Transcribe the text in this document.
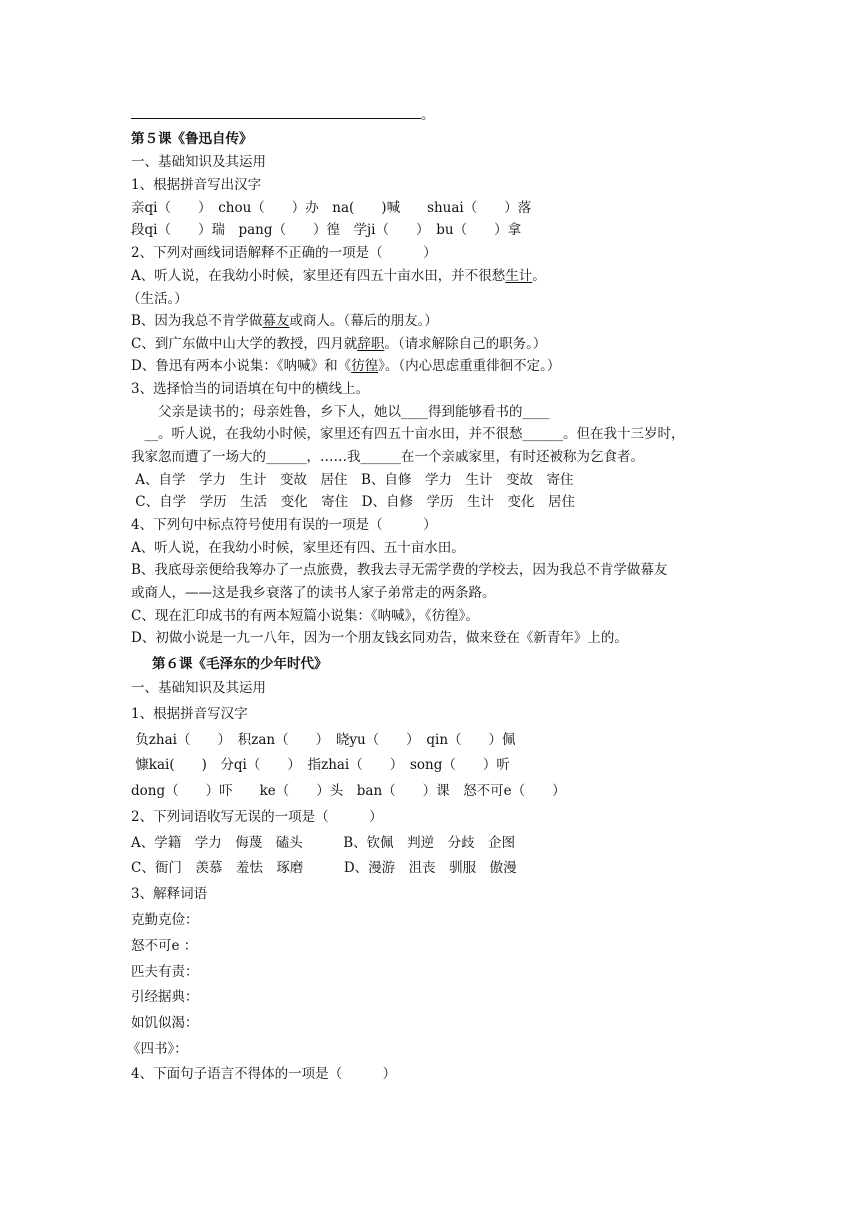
。
第５课《鲁迅自传》
一、基础知识及其运用
1、根据拼音写出汉字
亲qi（　　）　chou（　　）办　na(　　)喊　　shuai（　　）落
段qi（　　）瑞　pang（　　）徨　学ji（　　）　bu（　　）拿
2、下列对画线词语解释不正确的一项是（　　　）
A、听人说，在我幼小时候，家里还有四五十亩水田，并不很愁生计。
（生活。）
B、因为我总不肯学做幕友或商人。（幕后的朋友。）
C、到广东做中山大学的教授，四月就辞职。（请求解除自己的职务。）
D、鲁迅有两本小说集：《呐喊》和《彷徨》。（内心思虑重重徘徊不定。）
3、选择恰当的词语填在句中的横线上。
　　父亲是读书的；母亲姓鲁，乡下人，她以____得到能够看书的____
　__。听人说，在我幼小时候，家里还有四五十亩水田，并不很愁______。但在我十三岁时，
我家忽而遭了一场大的______，……我______在一个亲戚家里，有时还被称为乞食者。
A、自学　学力　生计　变故　居住　B、自修　学力　生计　变故　寄住
C、自学　学历　生活　变化　寄住　D、自修　学历　生计　变化　居住
4、下列句中标点符号使用有误的一项是（　　　）
A、听人说，在我幼小时候，家里还有四、五十亩水田。
B、我底母亲便给我筹办了一点旅费，教我去寻无需学费的学校去，因为我总不肯学做幕友
或商人，——这是我乡衰落了的读书人家子弟常走的两条路。
C、现在汇印成书的有两本短篇小说集：《呐喊》，《彷徨》。
D、初做小说是一九一八年，因为一个朋友钱玄同劝告，做来登在《新青年》上的。
第６课《毛泽东的少年时代》
一、基础知识及其运用
1、根据拼音写汉字
负zhai（　　）　积zan（　　）　晓yu（　　）　qin（　　）佩
慷kai(　　)　分qi（　　）　指zhai（　　）　song（　　）听
dong（　　）吓　　ke（　　）头　ban（　　）课　怒不可e（　　）
2、下列词语收写无误的一项是（　　　）
A、学籍　学力　侮蔑　磕头　　　B、钦佩　判逆　分歧　企图
C、衙门　羡慕　羞怯　琢磨　　　D、漫游　沮丧　驯服　傲漫
3、解释词语
克勤克俭：
怒不可e ：
匹夫有责：
引经据典：
如饥似渴：
《四书》：
4、下面句子语言不得体的一项是（　　　）
